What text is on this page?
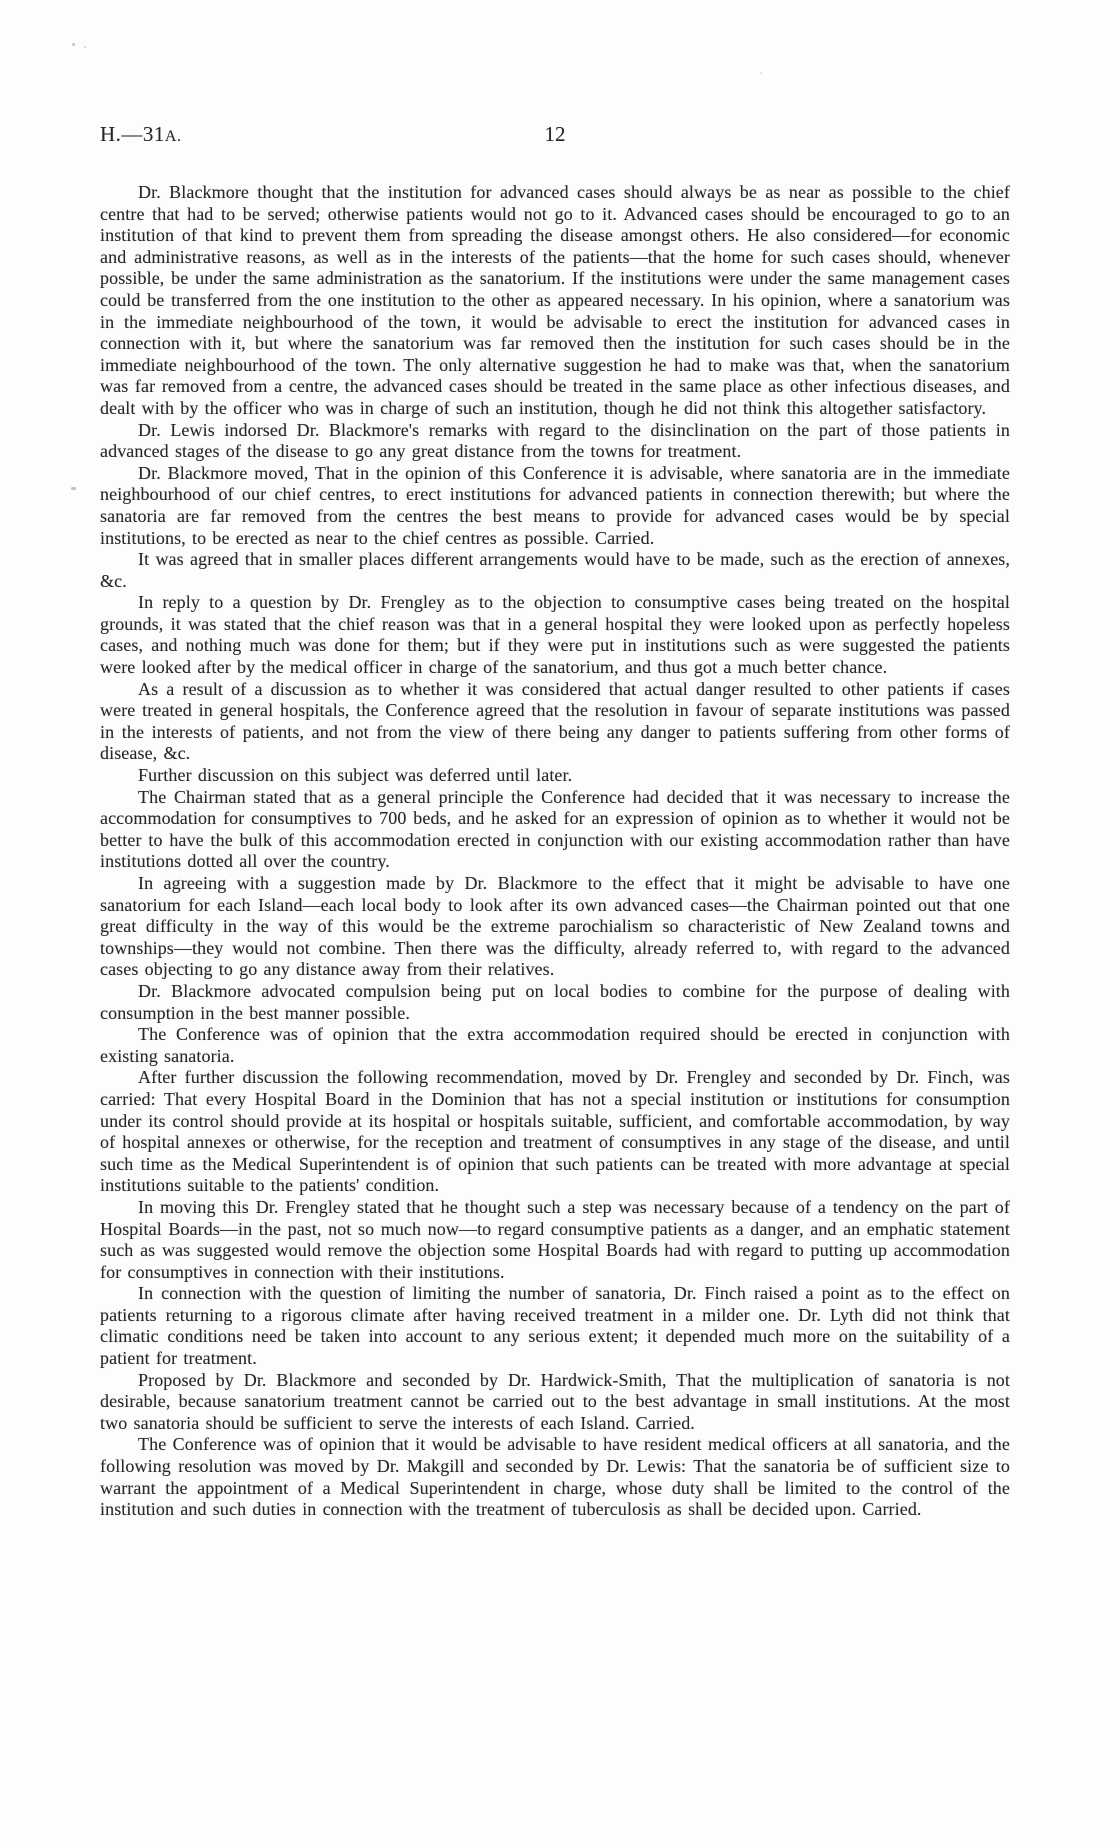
H.—31A.	12

Dr. Blackmore thought that the institution for advanced cases should always be as near as possible to the chief centre that had to be served; otherwise patients would not go to it. Advanced cases should be encouraged to go to an institution of that kind to prevent them from spreading the disease amongst others. He also considered—for economic and administrative reasons, as well as in the interests of the patients—that the home for such cases should, whenever possible, be under the same administration as the sanatorium. If the institutions were under the same management cases could be transferred from the one institution to the other as appeared necessary. In his opinion, where a sanatorium was in the immediate neighbourhood of the town, it would be advisable to erect the institution for advanced cases in connection with it, but where the sanatorium was far removed then the institution for such cases should be in the immediate neighbourhood of the town. The only alternative suggestion he had to make was that, when the sanatorium was far removed from a centre, the advanced cases should be treated in the same place as other infectious diseases, and dealt with by the officer who was in charge of such an institution, though he did not think this altogether satisfactory.

Dr. Lewis indorsed Dr. Blackmore's remarks with regard to the disinclination on the part of those patients in advanced stages of the disease to go any great distance from the towns for treatment.

Dr. Blackmore moved, That in the opinion of this Conference it is advisable, where sanatoria are in the immediate neighbourhood of our chief centres, to erect institutions for advanced patients in connection therewith; but where the sanatoria are far removed from the centres the best means to provide for advanced cases would be by special institutions, to be erected as near to the chief centres as possible. Carried.

It was agreed that in smaller places different arrangements would have to be made, such as the erection of annexes, &c.

In reply to a question by Dr. Frengley as to the objection to consumptive cases being treated on the hospital grounds, it was stated that the chief reason was that in a general hospital they were looked upon as perfectly hopeless cases, and nothing much was done for them; but if they were put in institutions such as were suggested the patients were looked after by the medical officer in charge of the sanatorium, and thus got a much better chance.

As a result of a discussion as to whether it was considered that actual danger resulted to other patients if cases were treated in general hospitals, the Conference agreed that the resolution in favour of separate institutions was passed in the interests of patients, and not from the view of there being any danger to patients suffering from other forms of disease, &c.

Further discussion on this subject was deferred until later.

The Chairman stated that as a general principle the Conference had decided that it was necessary to increase the accommodation for consumptives to 700 beds, and he asked for an expression of opinion as to whether it would not be better to have the bulk of this accommodation erected in conjunction with our existing accommodation rather than have institutions dotted all over the country.

In agreeing with a suggestion made by Dr. Blackmore to the effect that it might be advisable to have one sanatorium for each Island—each local body to look after its own advanced cases—the Chairman pointed out that one great difficulty in the way of this would be the extreme parochialism so characteristic of New Zealand towns and townships—they would not combine. Then there was the difficulty, already referred to, with regard to the advanced cases objecting to go any distance away from their relatives.

Dr. Blackmore advocated compulsion being put on local bodies to combine for the purpose of dealing with consumption in the best manner possible.

The Conference was of opinion that the extra accommodation required should be erected in conjunction with existing sanatoria.

After further discussion the following recommendation, moved by Dr. Frengley and seconded by Dr. Finch, was carried: That every Hospital Board in the Dominion that has not a special institution or institutions for consumption under its control should provide at its hospital or hospitals suitable, sufficient, and comfortable accommodation, by way of hospital annexes or otherwise, for the reception and treatment of consumptives in any stage of the disease, and until such time as the Medical Superintendent is of opinion that such patients can be treated with more advantage at special institutions suitable to the patients' condition.

In moving this Dr. Frengley stated that he thought such a step was necessary because of a tendency on the part of Hospital Boards—in the past, not so much now—to regard consumptive patients as a danger, and an emphatic statement such as was suggested would remove the objection some Hospital Boards had with regard to putting up accommodation for consumptives in connection with their institutions.

In connection with the question of limiting the number of sanatoria, Dr. Finch raised a point as to the effect on patients returning to a rigorous climate after having received treatment in a milder one. Dr. Lyth did not think that climatic conditions need be taken into account to any serious extent; it depended much more on the suitability of a patient for treatment.

Proposed by Dr. Blackmore and seconded by Dr. Hardwick-Smith, That the multiplication of sanatoria is not desirable, because sanatorium treatment cannot be carried out to the best advantage in small institutions. At the most two sanatoria should be sufficient to serve the interests of each Island. Carried.

The Conference was of opinion that it would be advisable to have resident medical officers at all sanatoria, and the following resolution was moved by Dr. Makgill and seconded by Dr. Lewis: That the sanatoria be of sufficient size to warrant the appointment of a Medical Superintendent in charge, whose duty shall be limited to the control of the institution and such duties in connection with the treatment of tuberculosis as shall be decided upon. Carried.
